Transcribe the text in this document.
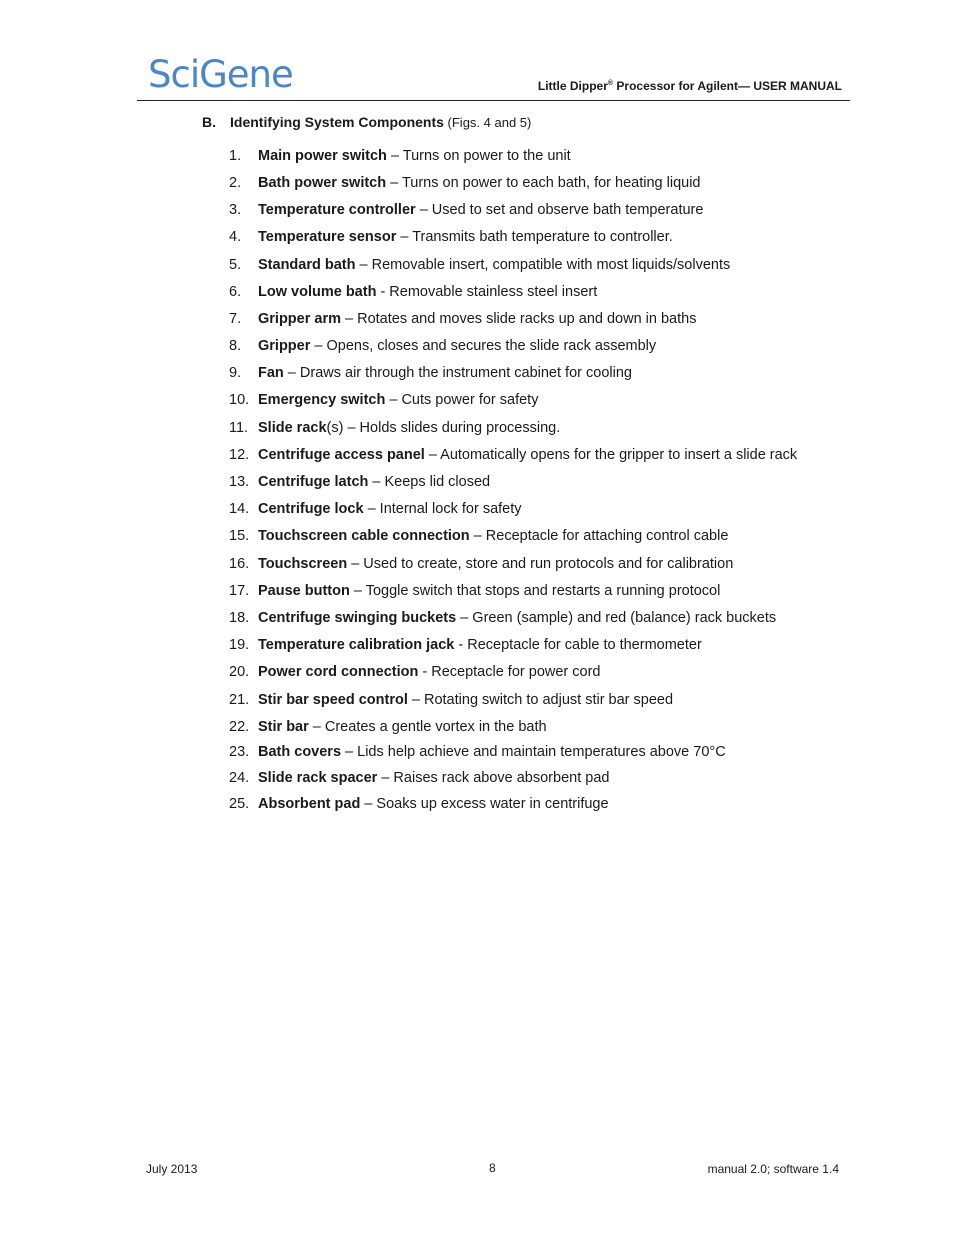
SciGene	Little Dipper® Processor for Agilent— USER MANUAL
B. Identifying System Components (Figs. 4 and 5)
1. Main power switch – Turns on power to the unit
2. Bath power switch – Turns on power to each bath, for heating liquid
3. Temperature controller – Used to set and observe bath temperature
4. Temperature sensor – Transmits bath temperature to controller.
5. Standard bath – Removable insert, compatible with most liquids/solvents
6. Low volume bath - Removable stainless steel insert
7. Gripper arm – Rotates and moves slide racks up and down in baths
8. Gripper – Opens, closes and secures the slide rack assembly
9. Fan – Draws air through the instrument cabinet for cooling
10. Emergency switch – Cuts power for safety
11. Slide rack(s) – Holds slides during processing.
12. Centrifuge access panel – Automatically opens for the gripper to insert a slide rack
13. Centrifuge latch – Keeps lid closed
14. Centrifuge lock – Internal lock for safety
15. Touchscreen cable connection – Receptacle for attaching control cable
16. Touchscreen – Used to create, store and run protocols and for calibration
17. Pause button – Toggle switch that stops and restarts a running protocol
18. Centrifuge swinging buckets – Green (sample) and red (balance) rack buckets
19. Temperature calibration jack - Receptacle for cable to thermometer
20. Power cord connection - Receptacle for power cord
21. Stir bar speed control – Rotating switch to adjust stir bar speed
22. Stir bar – Creates a gentle vortex in the bath
23. Bath covers – Lids help achieve and maintain temperatures above 70°C
24. Slide rack spacer – Raises rack above absorbent pad
25. Absorbent pad – Soaks up excess water in centrifuge
July 2013	8	manual 2.0; software 1.4
